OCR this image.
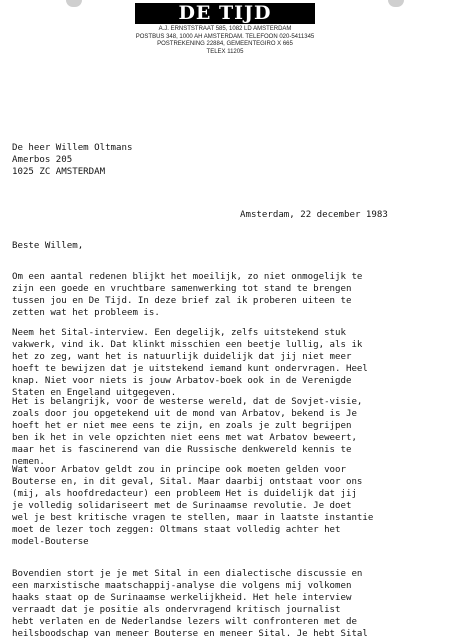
DE TIJD
A.J. ERNSTSTRAAT 585, 1082 LD AMSTERDAM
POSTBUS 348, 1000 AH AMSTERDAM. TELEFOON 020-5411345
POSTREKENING 22884, GEMEENTEGIRO X 665
TELEX 11205
De heer Willem Oltmans
Amerbos 205
1025 ZC AMSTERDAM
Amsterdam, 22 december 1983
Beste Willem,
Om een aantal redenen blijkt het moeilijk, zo niet onmogelijk te
zijn een goede en vruchtbare samenwerking tot stand te brengen
tussen jou en De Tijd. In deze brief zal ik proberen uiteen te
zetten wat het probleem is.
Neem het Sital-interview. Een degelijk, zelfs uitstekend stuk
vakwerk, vind ik. Dat klinkt misschien een beetje lullig, als ik
het zo zeg, want het is natuurlijk duidelijk dat jij niet meer
hoeft te bewijzen dat je uitstekend iemand kunt ondervragen. Heel
knap. Niet voor niets is jouw Arbatov-boek ook in de Verenigde
Staten en Engeland uitgegeven.
Het is belangrijk, voor de westerse wereld, dat de Sovjet-visie,
zoals door jou opgetekend uit de mond van Arbatov, bekend is Je
hoeft het er niet mee eens te zijn, en zoals je zult begrijpen
ben ik het in vele opzichten niet eens met wat Arbatov beweert,
maar het is fascinerend van die Russische denkwereld kennis te
nemen.
Wat voor Arbatov geldt zou in principe ook moeten gelden voor
Bouterse en, in dit geval, Sital. Maar daarbij ontstaat voor ons
(mij, als hoofdredacteur) een probleem Het is duidelijk dat jij
je volledig solidariseert met de Surinaamse revolutie. Je doet
wel je best kritische vragen te stellen, maar in laatste instantie
moet de lezer toch zeggen: Oltmans staat volledig achter het
model-Bouterse
Bovendien stort je je met Sital in een dialectische discussie en
een marxistische maatschappij-analyse die volgens mij volkomen
haaks staat op de Surinaamse werkelijkheid. Het hele interview
verraadt dat je positie als ondervragend kritisch journalist
hebt verlaten en de Nederlandse lezers wilt confronteren met de
heilsboodschap van meneer Bouterse en meneer Sital. Je hebt Sital
